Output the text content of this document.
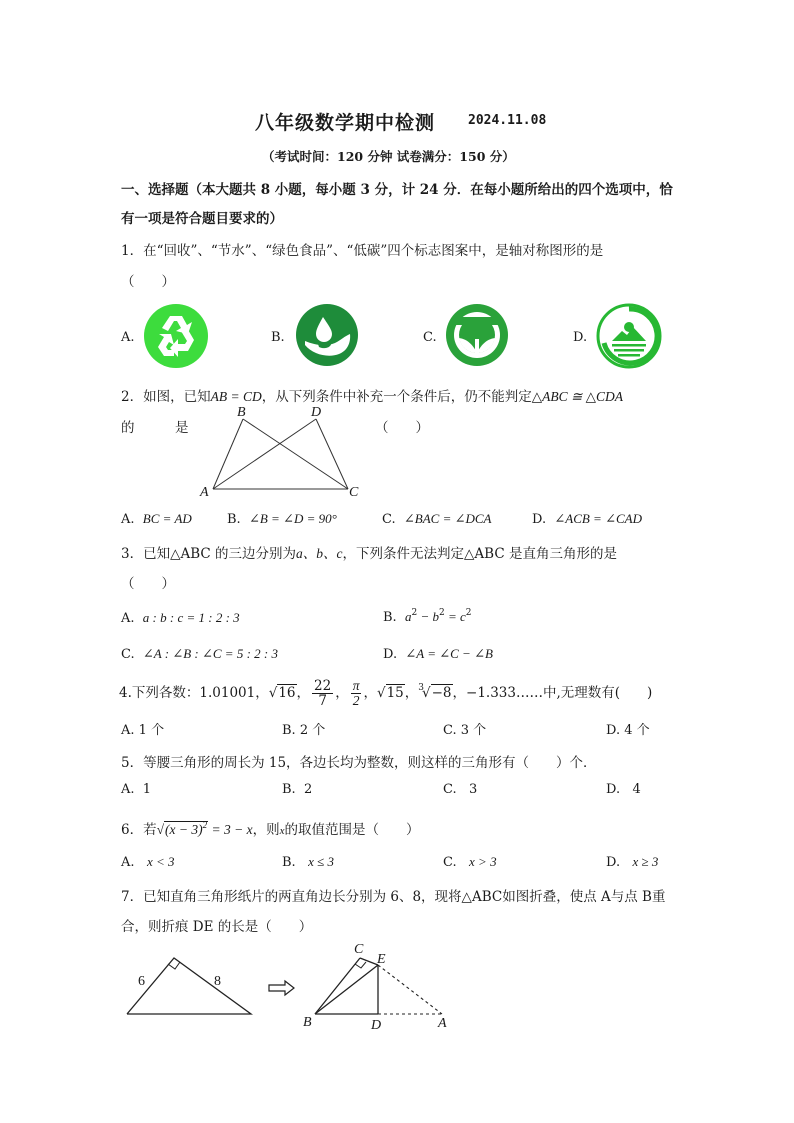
八年级数学期中检测	2024.11.08
（考试时间：120 分钟 试卷满分：150 分）
一、选择题（本大题共 8 小题，每小题 3 分，计 24 分．在每小题所给出的四个选项中，恰
有一项是符合题目要求的）
1．在“回收”、“节水”、“绿色食品”、“低碳”四个标志图案中，是轴对称图形的是
（　　）
A.	B.	C.	D.
2．如图，已知AB = CD，从下列条件中补充一个条件后，仍不能判定△ABC ≅ △CDA
的	是	（　　）
B	D
A	C
A. BC = AD	B. ∠B = ∠D = 90°	C. ∠BAC = ∠DCA	D. ∠ACB = ∠CAD
3．已知△ABC 的三边分别为a、b、c，下列条件无法判定△ABC 是直角三角形的是
（　　）
A. a : b : c = 1 : 2 : 3	B. $a^2 - b^2 = c^2$
C. ∠A : ∠B : ∠C = 5 : 2 : 3	D. ∠A = ∠C − ∠B
4.下列各数：1.01001，√16， $\frac{22}{7}$ ， $\frac{\pi}{2}$ ，√15，$^3$√−8，−1.333……中,无理数有(　　)
A. 1 个	B. 2 个	C. 3 个	D. 4 个
5．等腰三角形的周长为 15，各边长均为整数，则这样的三角形有（　　）个．
A. 1	B. 2	C. 3	D. 4
6．若$√(x - 3)^2 = 3 - x$，则x的取值范围是（　　）
A. x < 3	B. x ≤ 3	C. x > 3	D. x ≥ 3
7．已知直角三角形纸片的两直角边长分别为 6、8，现将△ABC如图折叠，使点 A与点 B重
合，则折痕 DE 的长是（　　）
6	8
C
E
B	D	A
